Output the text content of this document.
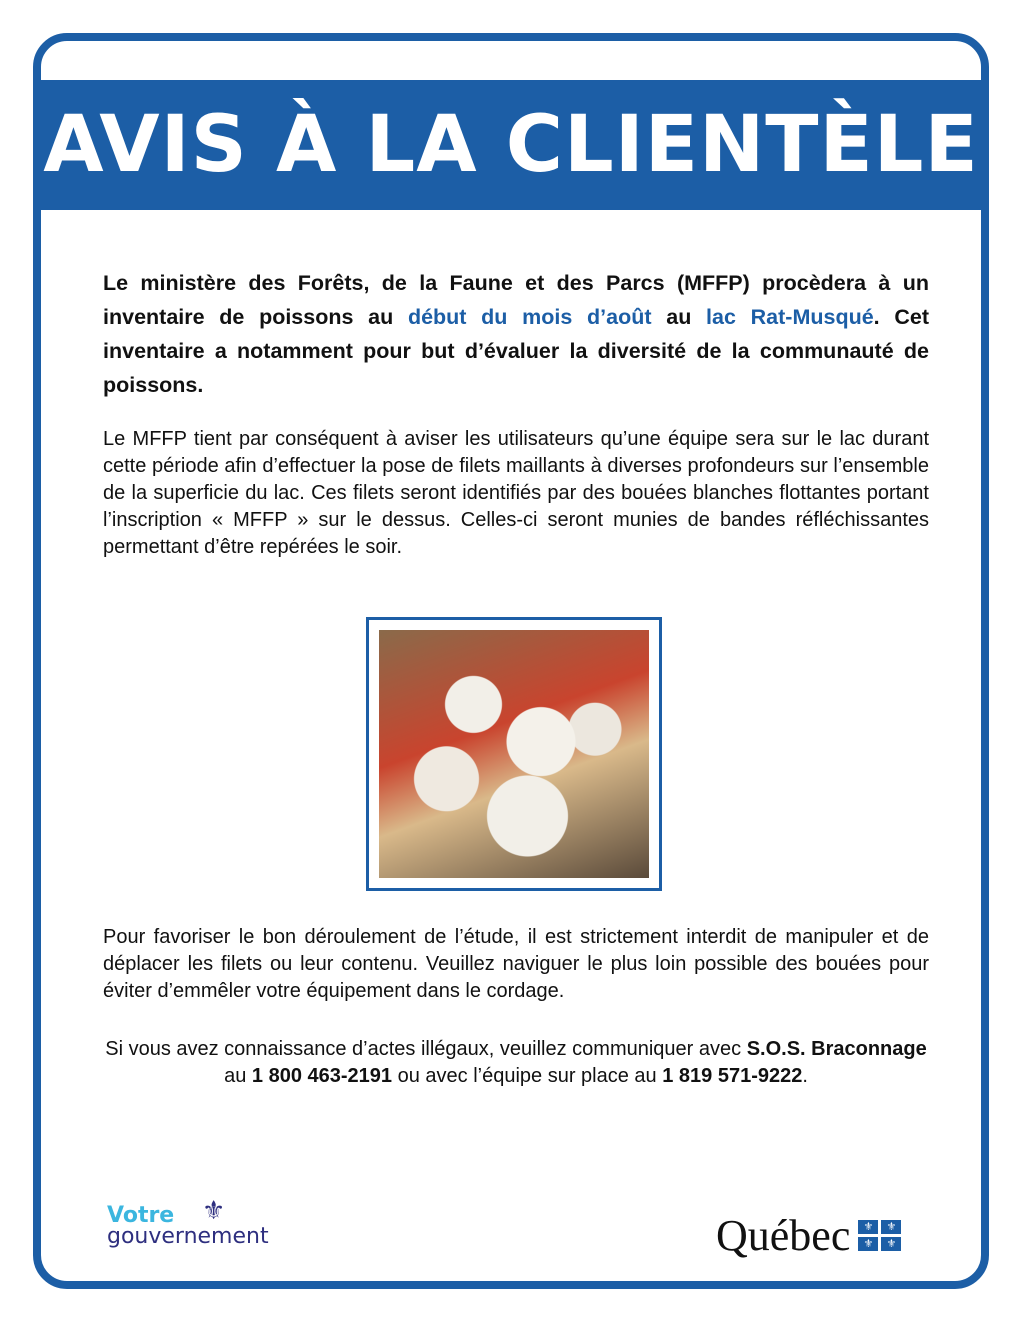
AVIS À LA CLIENTÈLE
Le ministère des Forêts, de la Faune et des Parcs (MFFP) procèdera à un inventaire de poissons au début du mois d’août au lac Rat-Musqué. Cet inventaire a notamment pour but d’évaluer la diversité de la communauté de poissons.
Le MFFP tient par conséquent à aviser les utilisateurs qu’une équipe sera sur le lac durant cette période afin d’effectuer la pose de filets maillants à diverses profondeurs sur l’ensemble de la superficie du lac. Ces filets seront identifiés par des bouées blanches flottantes portant l’inscription « MFFP » sur le dessus. Celles-ci seront munies de bandes réfléchissantes permettant d’être repérées le soir.
Pour favoriser le bon déroulement de l’étude, il est strictement interdit de manipuler et de déplacer les filets ou leur contenu. Veuillez naviguer le plus loin possible des bouées pour éviter d’emmêler votre équipement dans le cordage.
Si vous avez connaissance d’actes illégaux, veuillez communiquer avec S.O.S. Braconnage au 1 800 463-2191 ou avec l’équipe sur place au 1 819 571-9222.
Votre
gouvernement
⚜	Québec	⚜	⚜
⚜	⚜
